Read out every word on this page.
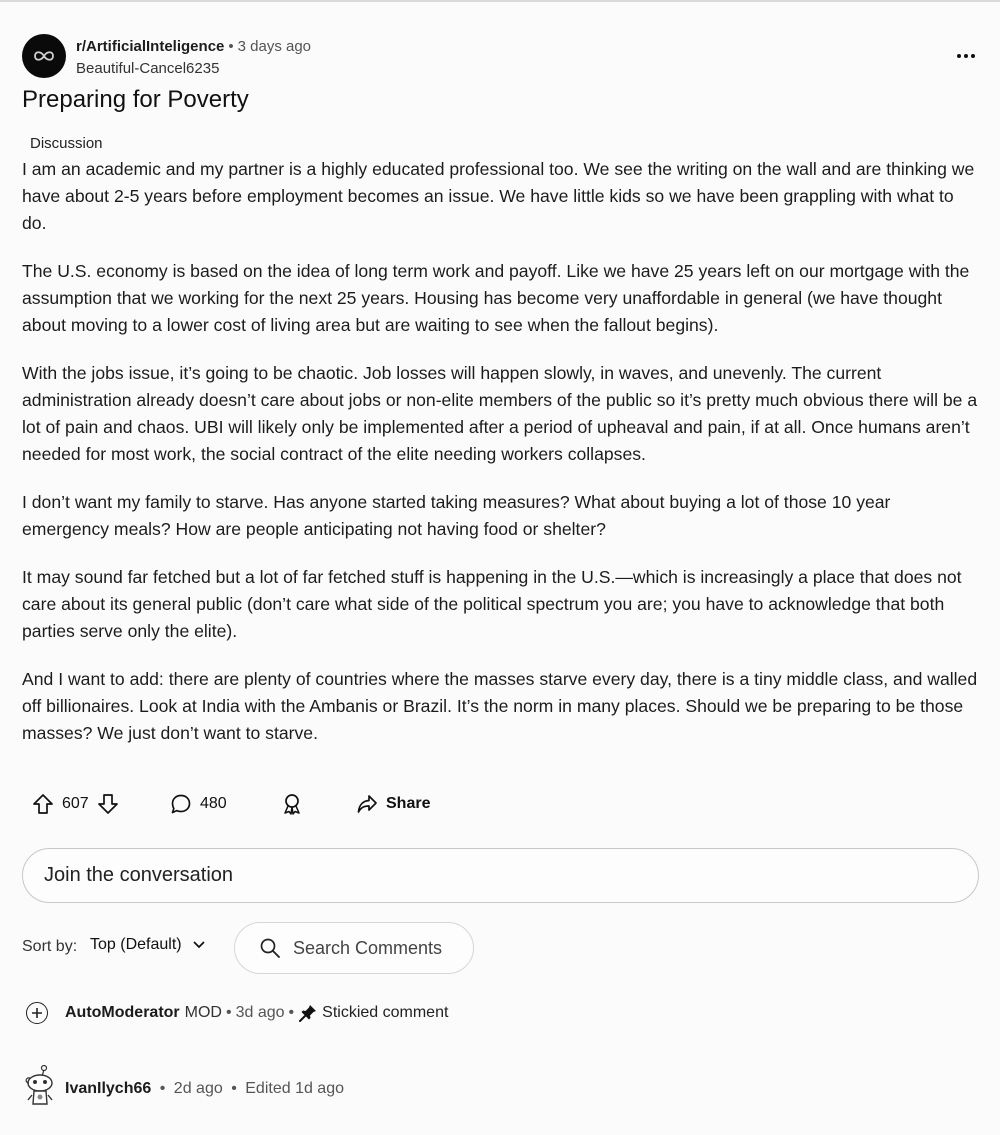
r/ArtificialInteligence • 3 days ago
Beautiful-Cancel6235
Preparing for Poverty
Discussion

I am an academic and my partner is a highly educated professional too. We see the writing on the wall and are thinking we have about 2-5 years before employment becomes an issue. We have little kids so we have been grappling with what to do.

The U.S. economy is based on the idea of long term work and payoff. Like we have 25 years left on our mortgage with the assumption that we working for the next 25 years. Housing has become very unaffordable in general (we have thought about moving to a lower cost of living area but are waiting to see when the fallout begins).

With the jobs issue, it’s going to be chaotic. Job losses will happen slowly, in waves, and unevenly. The current administration already doesn’t care about jobs or non-elite members of the public so it’s pretty much obvious there will be a lot of pain and chaos. UBI will likely only be implemented after a period of upheaval and pain, if at all. Once humans aren’t needed for most work, the social contract of the elite needing workers collapses.

I don’t want my family to starve. Has anyone started taking measures? What about buying a lot of those 10 year emergency meals? How are people anticipating not having food or shelter?

It may sound far fetched but a lot of far fetched stuff is happening in the U.S.—which is increasingly a place that does not care about its general public (don’t care what side of the political spectrum you are; you have to acknowledge that both parties serve only the elite).

And I want to add: there are plenty of countries where the masses starve every day, there is a tiny middle class, and walled off billionaires. Look at India with the Ambanis or Brazil. It’s the norm in many places. Should we be preparing to be those masses? We just don’t want to starve.

607	480	Share
Join the conversation
Sort by: Top (Default)	Search Comments
AutoModerator MOD • 3d ago • Stickied comment
IvanIlych66 • 2d ago • Edited 1d ago
